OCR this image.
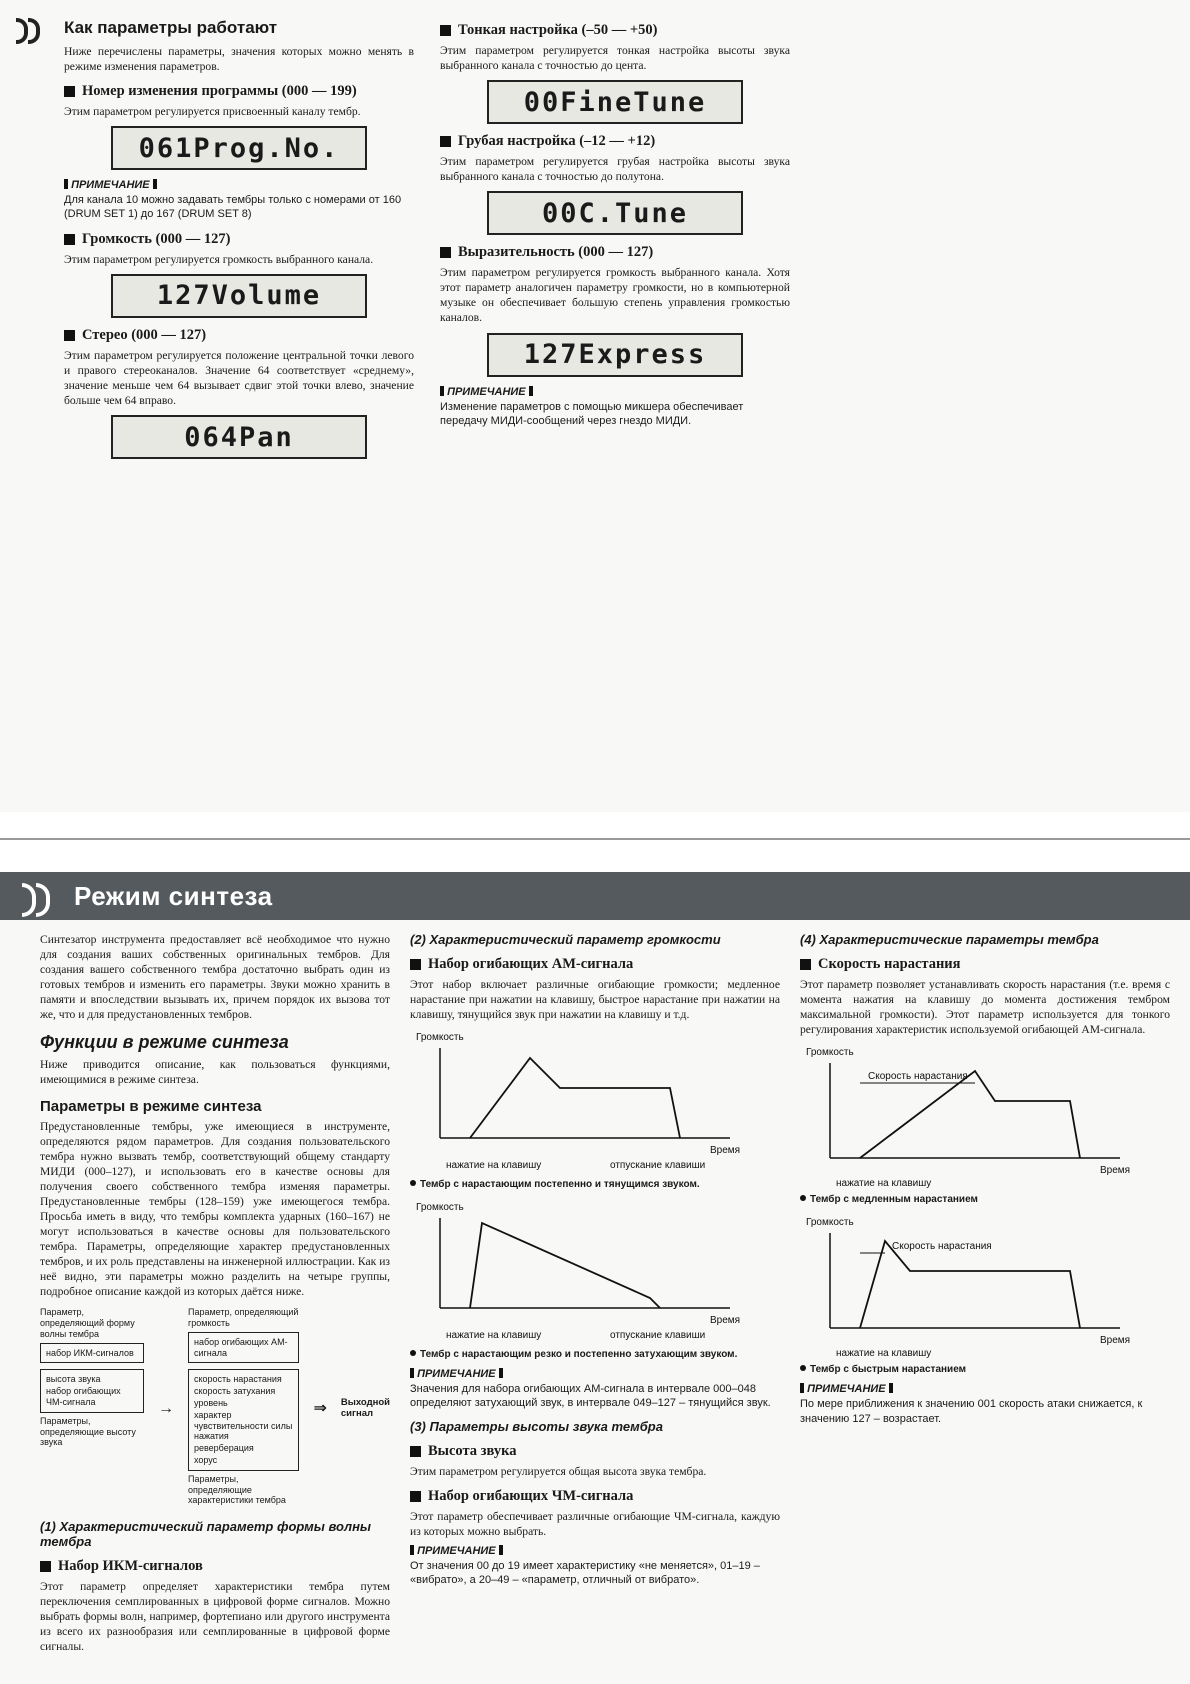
Как параметры работают

Ниже перечислены параметры, значения которых можно менять в режиме изменения параметров.

Номер изменения программы (000 — 199)

Этим параметром регулируется присвоенный каналу тембр.

061Prog.No.
ПРИМЕЧАНИЕ
Для канала 10 можно задавать тембры только с номерами от 160 (DRUM SET 1) до 167 (DRUM SET 8)
Громкость (000 — 127)

Этим параметром регулируется громкость выбранного канала.

127Volume
Стерео (000 — 127)

Этим параметром регулируется положение центральной точки левого и правого стереоканалов. Значение 64 соответствует «среднему», значение меньше чем 64 вызывает сдвиг этой точки влево, значение больше чем 64 вправо.

064Pan
Тонкая настройка (–50 — +50)

Этим параметром регулируется тонкая настройка высоты звука выбранного канала с точностью до цента.

00FineTune
Грубая настройка (–12 — +12)

Этим параметром регулируется грубая настройка высоты звука выбранного канала с точностью до полутона.

00C.Tune
Выразительность (000 — 127)

Этим параметром регулируется громкость выбранного канала. Хотя этот параметр аналогичен параметру громкости, но в компьютерной музыке он обеспечивает большую степень управления громкостью каналов.

127Express
ПРИМЕЧАНИЕ
Изменение параметров с помощью микшера обеспечивает передачу МИДИ-сообщений через гнездо МИДИ.
Режим синтеза

Синтезатор инструмента предоставляет всё необходимое что нужно для создания ваших собственных оригинальных тембров. Для создания вашего собственного тембра достаточно выбрать один из готовых тембров и изменить его параметры. Звуки можно хранить в памяти и впоследствии вызывать их, причем порядок их вызова тот же, что и для предустановленных тембров.

Функции в режиме синтеза

Ниже приводится описание, как пользоваться функциями, имеющимися в режиме синтеза.

Параметры в режиме синтеза

Предустановленные тембры, уже имеющиеся в инструменте, определяются рядом параметров. Для создания пользовательского тембра нужно вызвать тембр, соответствующий общему стандарту МИДИ (000–127), и использовать его в качестве основы для получения своего собственного тембра изменяя параметры. Предустановленные тембры (128–159) уже имеющегося тембра. Просьба иметь в виду, что тембры комплекта ударных (160–167) не могут использоваться в качестве основы для пользовательского тембра. Параметры, определяющие характер предустановленных тембров, и их роль представлены на инженерной иллюстрации. Как из неё видно, эти параметры можно разделить на четыре группы, подробное описание каждой из которых даётся ниже.

Параметр, определяющий форму волны тембра
набор ИКМ-сигналов
высота звука
набор огибающих ЧМ-сигнала
Параметры, определяющие высоту звука
→
Параметр, определяющий громкость
набор огибающих АМ-сигнала
скорость нарастания
скорость затухания
уровень
характер чувствительности силы нажатия
реверберация
хорус
Параметры, определяющие характеристики тембра
⇒ Выходной сигнал
(1) Характеристический параметр формы волны тембра
Набор ИКМ-сигналов

Этот параметр определяет характеристики тембра путем переключения семплированных в цифровой форме сигналов. Можно выбрать формы волн, например, фортепиано или другого инструмента из всего их разнообразия или семплированные в цифровой форме сигналы.

(2) Характеристический параметр громкости
Набор огибающих АМ-сигнала

Этот набор включает различные огибающие громкости; медленное нарастание при нажатии на клавишу, быстрое нарастание при нажатии на клавишу, тянущийся звук при нажатии на клавишу и т.д.

Громкость
Время
нажатие на клавишу	отпускание клавиши
Тембр с нарастающим постепенно и тянущимся звуком.
Громкость
Время
нажатие на клавишу	отпускание клавиши
Тембр с нарастающим резко и постепенно затухающим звуком.
ПРИМЕЧАНИЕ
Значения для набора огибающих АМ-сигнала в интервале 000–048 определяют затухающий звук, в интервале 049–127 – тянущийся звук.
(3) Параметры высоты звука тембра
Высота звука

Этим параметром регулируется общая высота звука тембра.

Набор огибающих ЧМ-сигнала

Этот параметр обеспечивает различные огибающие ЧМ-сигнала, каждую из которых можно выбрать.

ПРИМЕЧАНИЕ
От значения 00 до 19 имеет характеристику «не меняется», 01–19 – «вибрато», а 20–49 – «параметр, отличный от вибрато».
(4) Характеристические параметры тембра
Скорость нарастания

Этот параметр позволяет устанавливать скорость нарастания (т.е. время с момента нажатия на клавишу до момента достижения тембром максимальной громкости). Этот параметр используется для тонкого регулирования характеристик используемой огибающей АМ-сигнала.

Громкость
Скорость нарастания
Время
нажатие на клавишу
Тембр с медленным нарастанием
Громкость
Скорость нарастания
Время
нажатие на клавишу
Тембр с быстрым нарастанием
ПРИМЕЧАНИЕ
По мере приближения к значению 001 скорость атаки снижается, к значению 127 – возрастает.
